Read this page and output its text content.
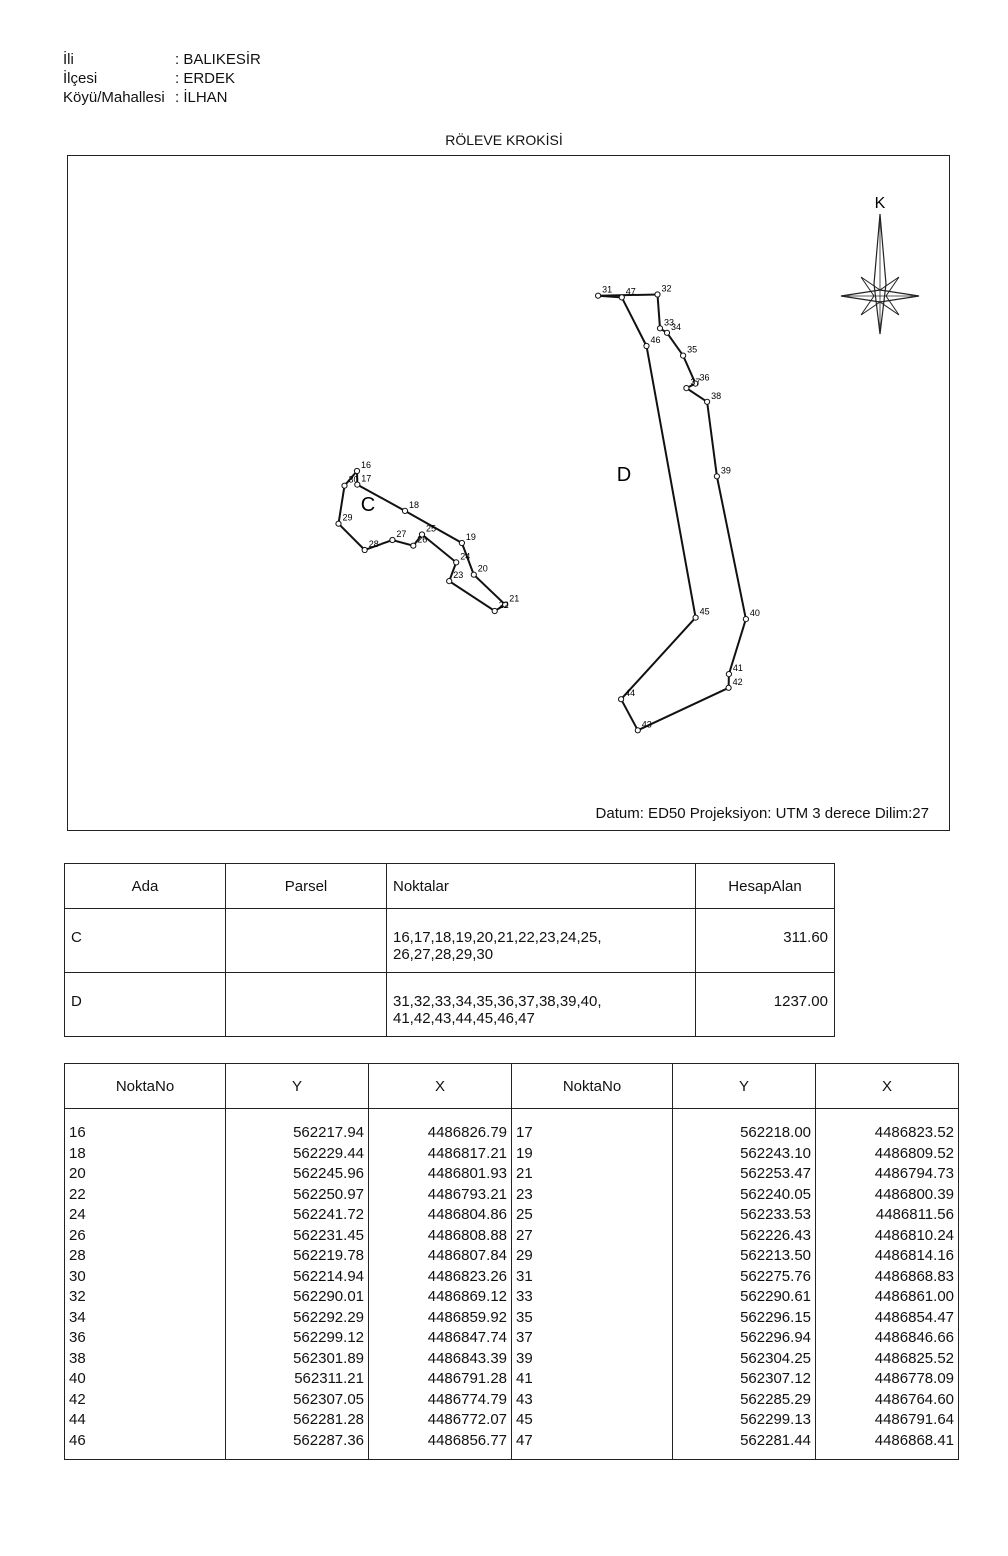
İli	: BALIKESİR
İlçesi	: ERDEK
Köyü/Mahallesi : İLHAN
RÖLEVE KROKİSİ
16
17
18
19
20
21
22
23
24
25
26
27
28
29
30
31	32
33
34
35
36
37
38
39
40
41
42
43
44
45
46
47
C
D
K
Datum: ED50 Projeksiyon: UTM 3 derece Dilim:27
Ada	Parsel	Noktalar	HesapAlan
C		16,17,18,19,20,21,22,23,24,25,
26,27,28,29,30	311.60
D		31,32,33,34,35,36,37,38,39,40,
41,42,43,44,45,46,47	1237.00
NoktaNo	Y	X	NoktaNo	Y	X
16	562217.94	4486826.79	17	562218.00	4486823.52
18	562229.44	4486817.21	19	562243.10	4486809.52
20	562245.96	4486801.93	21	562253.47	4486794.73
22	562250.97	4486793.21	23	562240.05	4486800.39
24	562241.72	4486804.86	25	562233.53	4486811.56
26	562231.45	4486808.88	27	562226.43	4486810.24
28	562219.78	4486807.84	29	562213.50	4486814.16
30	562214.94	4486823.26	31	562275.76	4486868.83
32	562290.01	4486869.12	33	562290.61	4486861.00
34	562292.29	4486859.92	35	562296.15	4486854.47
36	562299.12	4486847.74	37	562296.94	4486846.66
38	562301.89	4486843.39	39	562304.25	4486825.52
40	562311.21	4486791.28	41	562307.12	4486778.09
42	562307.05	4486774.79	43	562285.29	4486764.60
44	562281.28	4486772.07	45	562299.13	4486791.64
46	562287.36	4486856.77	47	562281.44	4486868.41
